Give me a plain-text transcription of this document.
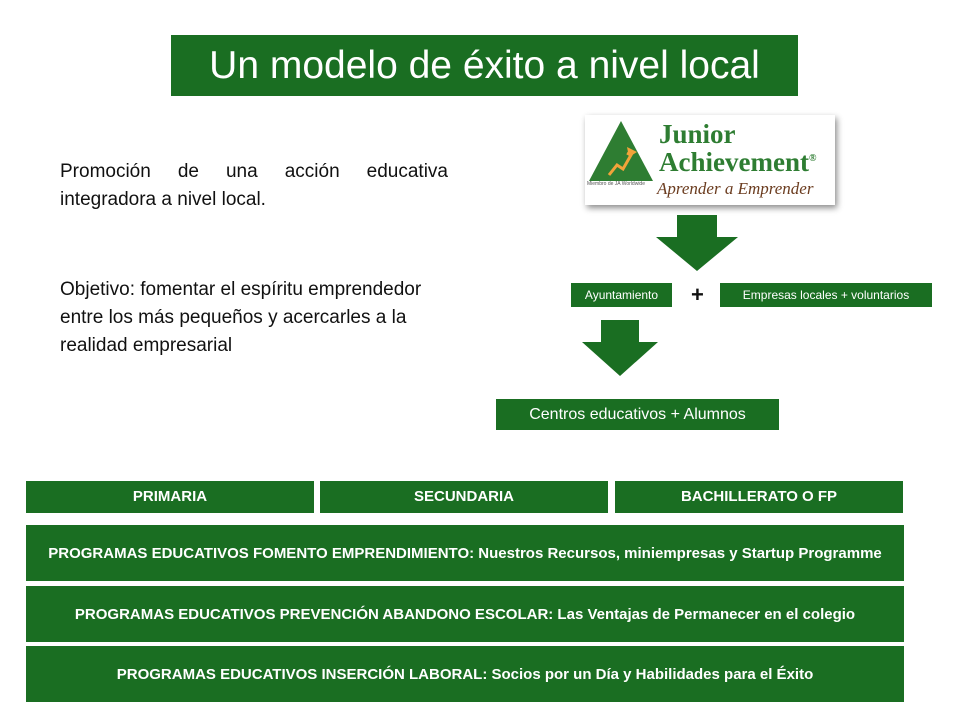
Un modelo de éxito a nivel local
Promoción de una acción educativa integradora a nivel local.
Objetivo: fomentar el espíritu emprendedor entre los más pequeños y acercarles a la realidad empresarial
Miembro de JA Worldwide
Junior
Achievement®
Aprender a Emprender
Ayuntamiento	+	Empresas locales + voluntarios
Centros educativos + Alumnos
PRIMARIA	SECUNDARIA	BACHILLERATO O FP
PROGRAMAS EDUCATIVOS FOMENTO EMPRENDIMIENTO: Nuestros Recursos, miniempresas y Startup Programme
PROGRAMAS EDUCATIVOS PREVENCIÓN ABANDONO ESCOLAR: Las Ventajas de Permanecer en el colegio
PROGRAMAS EDUCATIVOS INSERCIÓN LABORAL: Socios por un Día y Habilidades para el Éxito
